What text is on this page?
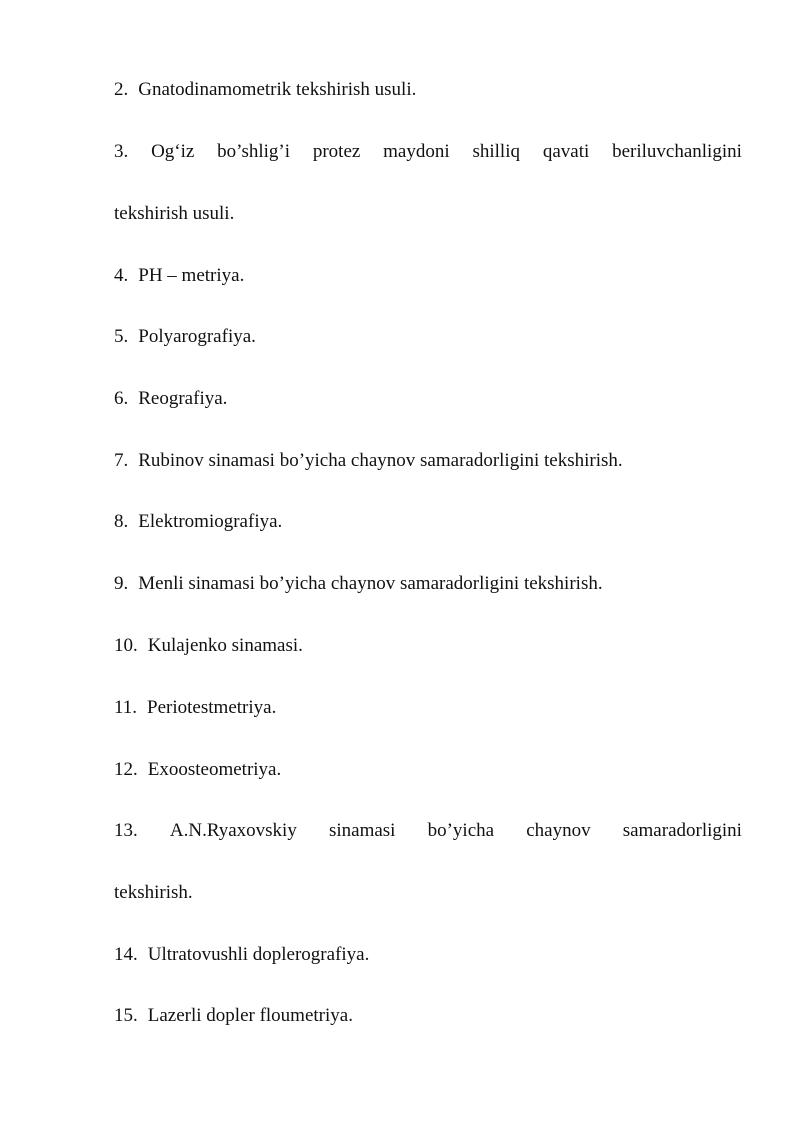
2. Gnatodinamometrik tekshirish usuli.
3. Og‘iz bo’shlig’i protez maydoni shilliq qavati beriluvchanligini
tekshirish usuli.
4. PH – metriya.
5. Polyarografiya.
6. Reografiya.
7. Rubinov sinamasi bo’yicha chaynov samaradorligini tekshirish.
8. Elektromiografiya.
9. Menli sinamasi bo’yicha chaynov samaradorligini tekshirish.
10. Kulajenko sinamasi.
11. Periotestmetriya.
12. Exoosteometriya.
13. A.N.Ryaxovskiy sinamasi bo’yicha chaynov samaradorligini
tekshirish.
14. Ultratovushli doplerografiya.
15. Lazerli dopler floumetriya.
